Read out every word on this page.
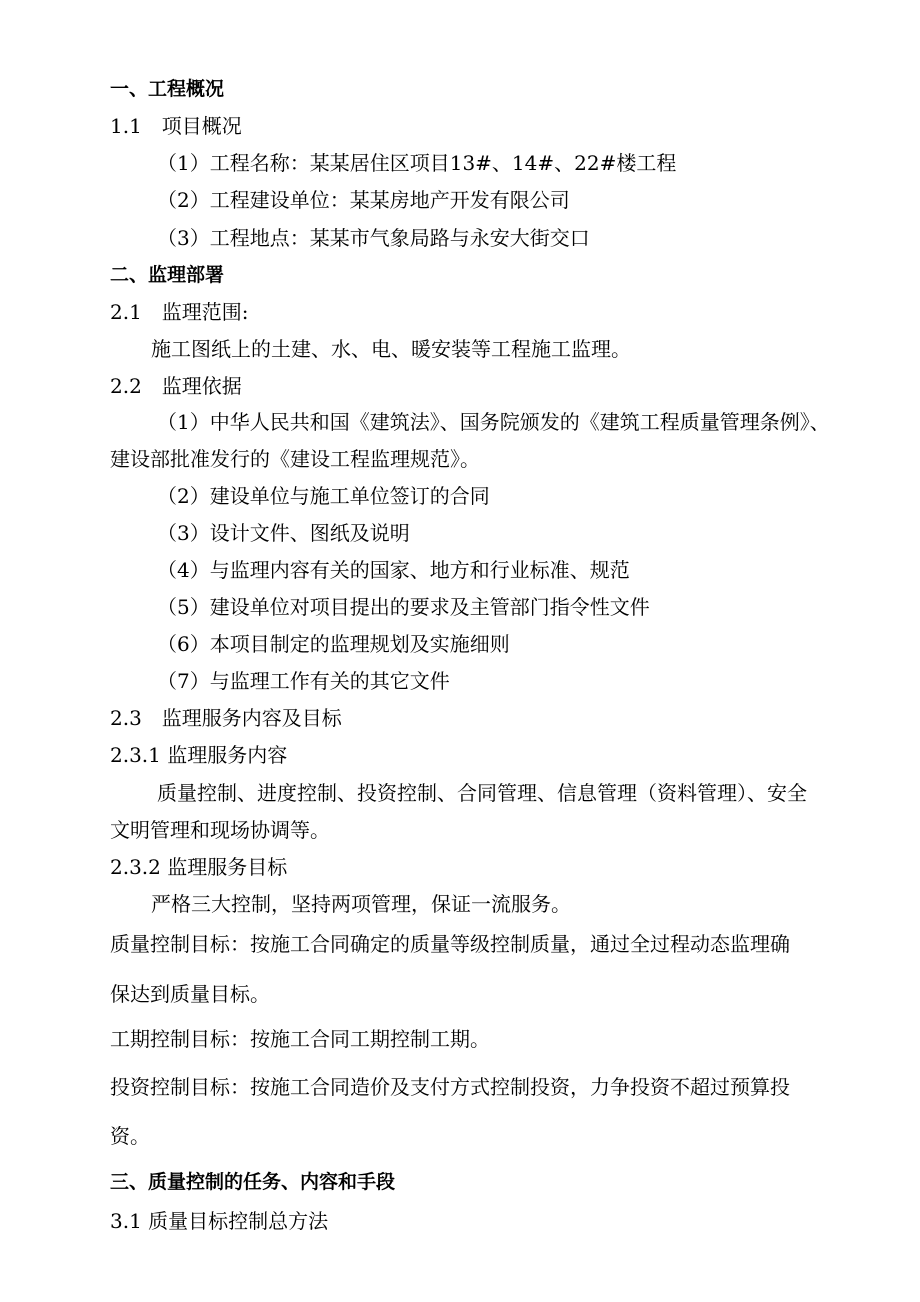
一、工程概况
1.1　项目概况
（1）工程名称：某某居住区项目13#、14#、22#楼工程
（2）工程建设单位：某某房地产开发有限公司
（3）工程地点：某某市气象局路与永安大街交口
二、监理部署
2.1　监理范围:
施工图纸上的土建、水、电、暖安装等工程施工监理。
2.2　监理依据
（1）中华人民共和国《建筑法》、国务院颁发的《建筑工程质量管理条例》、
建设部批准发行的《建设工程监理规范》。
（2）建设单位与施工单位签订的合同
（3）设计文件、图纸及说明
（4）与监理内容有关的国家、地方和行业标准、规范
（5）建设单位对项目提出的要求及主管部门指令性文件
（6）本项目制定的监理规划及实施细则
（7）与监理工作有关的其它文件
2.3　监理服务内容及目标
2.3.1 监理服务内容
质量控制、进度控制、投资控制、合同管理、信息管理（资料管理）、安全
文明管理和现场协调等。
2.3.2 监理服务目标
严格三大控制，坚持两项管理，保证一流服务。
质量控制目标：按施工合同确定的质量等级控制质量，通过全过程动态监理确
保达到质量目标。
工期控制目标：按施工合同工期控制工期。
投资控制目标：按施工合同造价及支付方式控制投资，力争投资不超过预算投
资。
三、质量控制的任务、内容和手段
3.1 质量目标控制总方法
